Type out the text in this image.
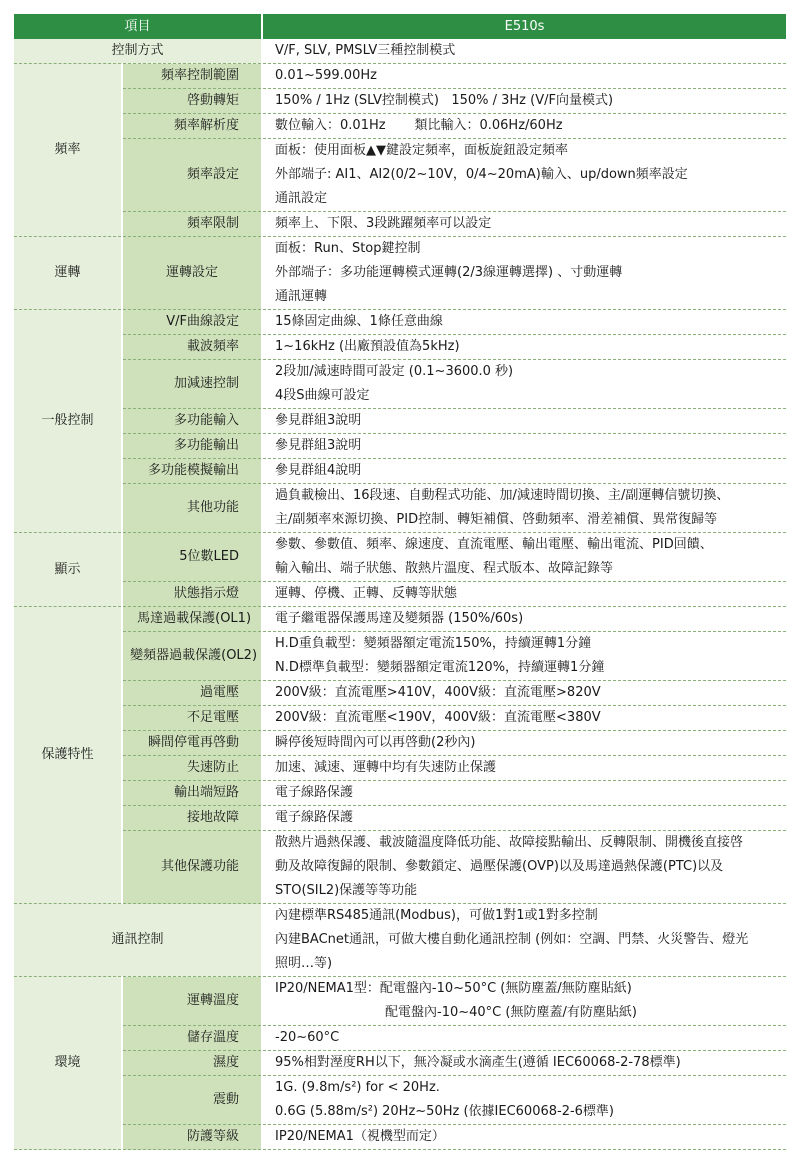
項目		E510s
控制方式		V/F, SLV, PMSLV三種控制模式
頻率	頻率控制範圍	0.01~599.00Hz
	啓動轉矩	150% / 1Hz (SLV控制模式)   150% / 3Hz (V/F向量模式)
	頻率解析度	數位輸入：0.01Hz       類比輸入：0.06Hz/60Hz
	頻率設定	面板：使用面板▲▼鍵設定頻率，面板旋鈕設定頻率
外部端子: AI1、AI2(0/2~10V，0/4~20mA)輸入、up/down頻率設定
通訊設定

	頻率限制	頻率上、下限、3段跳躍頻率可以設定
運轉	運轉設定	面板：Run、Stop鍵控制
外部端子：多功能運轉模式運轉(2/3線運轉選擇) 、寸動運轉
通訊運轉

一般控制	V/F曲線設定	15條固定曲線、1條任意曲線
	載波頻率	1~16kHz (出廠預設值為5kHz)
	加減速控制	2段加/減速時間可設定 (0.1~3600.0 秒)
4段S曲線可設定

	多功能輸入	參見群組3說明
	多功能輸出	參見群組3說明
	多功能模擬輸出	參見群組4說明
	其他功能	過負載檢出、16段速、自動程式功能、加/減速時間切換、主/副運轉信號切換、
主/副頻率來源切換、PID控制、轉矩補償、啓動頻率、滑差補償、異常復歸等

顯示	5位數LED	參數、參數值、頻率、線速度、直流電壓、輸出電壓、輸出電流、PID回饋、
輸入輸出、端子狀態、散熱片溫度、程式版本、故障記錄等

	狀態指示燈	運轉、停機、正轉、反轉等狀態
保護特性	馬達過載保護(OL1)	電子繼電器保護馬達及變頻器 (150%/60s)
	變頻器過載保護(OL2)	H.D重負載型：變頻器額定電流150%，持續運轉1分鐘
N.D標準負載型：變頻器額定電流120%，持續運轉1分鐘

	過電壓	200V級：直流電壓>410V，400V級：直流電壓>820V
	不足電壓	200V級：直流電壓<190V，400V級：直流電壓<380V
	瞬間停電再啓動	瞬停後短時間內可以再啓動(2秒內)
	失速防止	加速、減速、運轉中均有失速防止保護
	輸出端短路	電子線路保護
	接地故障	電子線路保護
	其他保護功能	散熱片過熱保護、載波隨溫度降低功能、故障接點輸出、反轉限制、開機後直接啓
動及故障復歸的限制、參數鎖定、過壓保護(OVP)以及馬達過熱保護(PTC)以及
STO(SIL2)保護等等功能

通訊控制		內建標準RS485通訊(Modbus)，可做1對1或1對多控制
內建BACnet通訊，可做大樓自動化通訊控制 (例如：空調、門禁、火災警告、燈光
照明…等)

環境	運轉溫度	IP20/NEMA1型：配電盤內-10~50°C (無防塵蓋/無防塵貼紙)
配電盤內-10~40°C (無防塵蓋/有防塵貼紙)

	儲存溫度	-20~60°C
	濕度	95%相對溼度RH以下，無冷凝或水滴產生(遵循 IEC60068-2-78標準)
	震動	1G. (9.8m/s²) for < 20Hz.
0.6G (5.88m/s²) 20Hz~50Hz (依據IEC60068-2-6標準)

	防護等級	IP20/NEMA1（視機型而定）
